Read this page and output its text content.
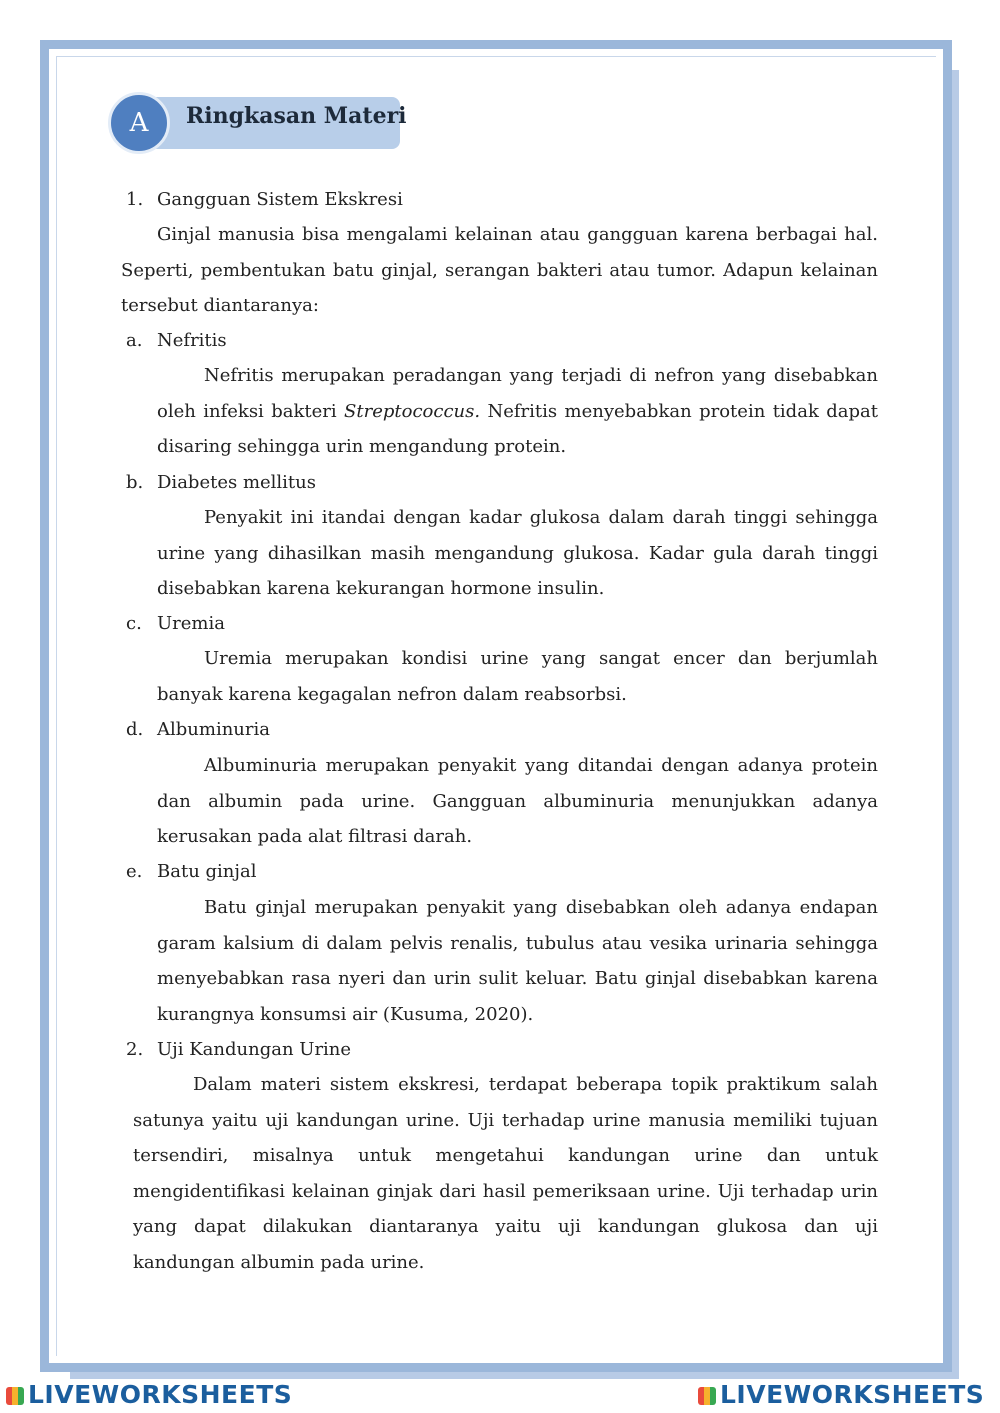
A	Ringkasan Materi
1. Gangguan Sistem Ekskresi
Ginjal manusia bisa mengalami kelainan atau gangguan karena berbagai hal. Seperti, pembentukan batu ginjal, serangan bakteri atau tumor. Adapun kelainan tersebut diantaranya:
a. Nefritis
Nefritis merupakan peradangan yang terjadi di nefron yang disebabkan oleh infeksi bakteri Streptococcus. Nefritis menyebabkan protein tidak dapat disaring sehingga urin mengandung protein.
b. Diabetes mellitus
Penyakit ini itandai dengan kadar glukosa dalam darah tinggi sehingga urine yang dihasilkan masih mengandung glukosa. Kadar gula darah tinggi disebabkan karena kekurangan hormone insulin.
c. Uremia
Uremia merupakan kondisi urine yang sangat encer dan berjumlah banyak karena kegagalan nefron dalam reabsorbsi.
d. Albuminuria
Albuminuria merupakan penyakit yang ditandai dengan adanya protein dan albumin pada urine. Gangguan albuminuria menunjukkan adanya kerusakan pada alat filtrasi darah.
e. Batu ginjal
Batu ginjal merupakan penyakit yang disebabkan oleh adanya endapan garam kalsium di dalam pelvis renalis, tubulus atau vesika urinaria sehingga menyebabkan rasa nyeri dan urin sulit keluar. Batu ginjal disebabkan karena kurangnya konsumsi air (Kusuma, 2020).
2. Uji Kandungan Urine
Dalam materi sistem ekskresi, terdapat beberapa topik praktikum salah satunya yaitu uji kandungan urine. Uji terhadap urine manusia memiliki tujuan tersendiri, misalnya untuk mengetahui kandungan urine dan untuk mengidentifikasi kelainan ginjak dari hasil pemeriksaan urine. Uji terhadap urin yang dapat dilakukan diantaranya yaitu uji kandungan glukosa dan uji kandungan albumin pada urine.
LIVEWORKSHEETS	LIVEWORKSHEETS
